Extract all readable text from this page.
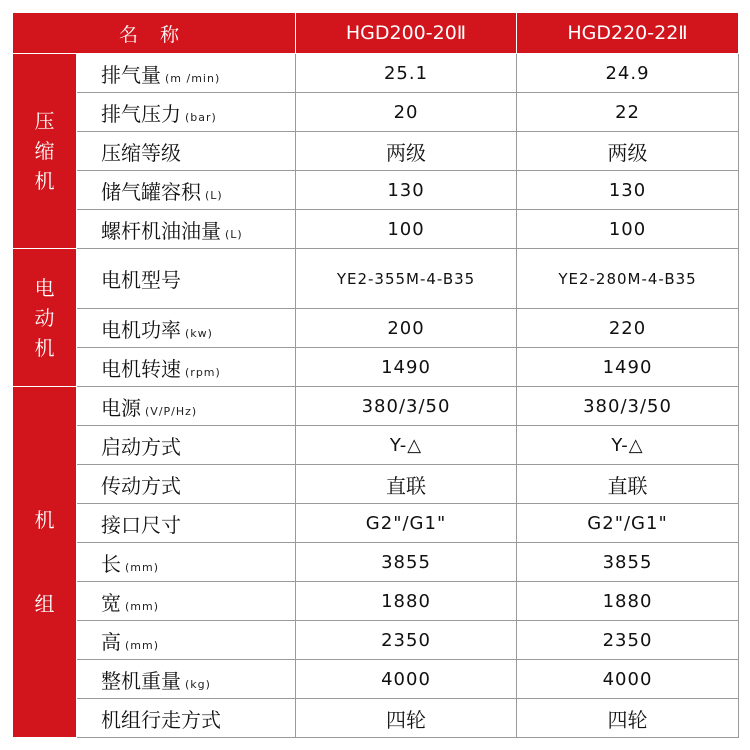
名称		HGD200-20Ⅱ	HGD220-22Ⅱ

压
缩
机	排气量 (m /min)	25.1	24.9
	排气压力 (bar)	20	22
	压缩等级	两级	两级
	储气罐容积 (L)	130	130
	螺杆机油油量 (L)	100	100

电
动
机	电机型号	YE2-355M-4-B35	YE2-280M-4-B35
	电机功率 (kw)	200	220
	电机转速 (rpm)	1490	1490

机
组	电源 (V/P/Hz)	380/3/50	380/3/50
	启动方式	Y-△	Y-△
	传动方式	直联	直联
	接口尺寸	G2"/G1"	G2"/G1"
	长 (mm)	3855	3855
	宽 (mm)	1880	1880
	高 (mm)	2350	2350
	整机重量 (kg)	4000	4000
	机组行走方式	四轮	四轮
